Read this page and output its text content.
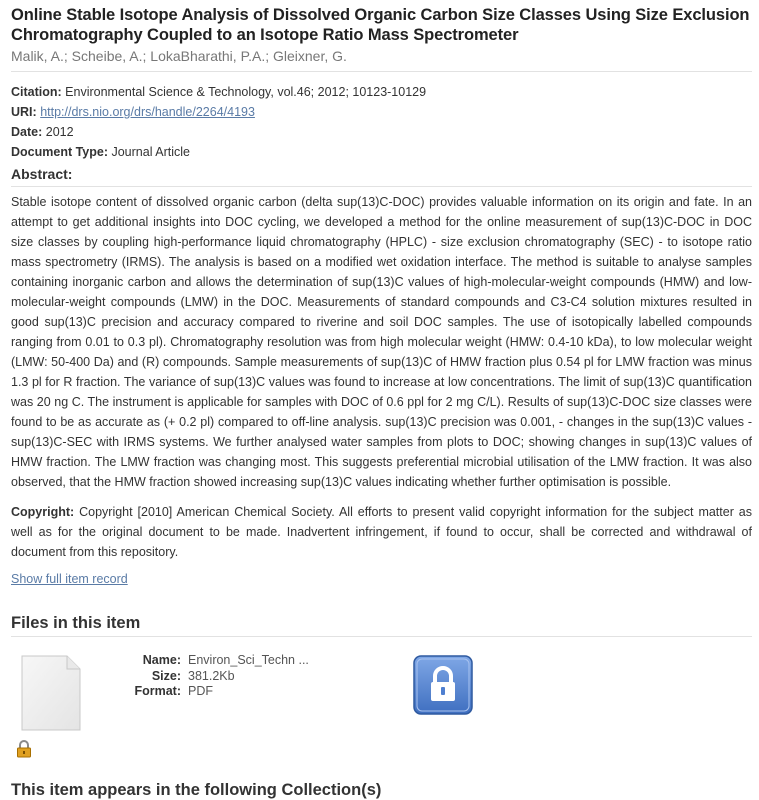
Online Stable Isotope Analysis of Dissolved Organic Carbon Size Classes Using Size Exclusion Chromatography Coupled to an Isotope Ratio Mass Spectrometer
Malik, A.; Scheibe, A.; LokaBharathi, P.A.; Gleixner, G.
Citation: Environmental Science & Technology, vol.46; 2012; 10123-10129
URI: http://drs.nio.org/drs/handle/2264/4193
Date: 2012
Document Type: Journal Article
Abstract:
Stable isotope content of dissolved organic carbon (delta sup(13)C-DOC) provides valuable information on its origin and fate. In an attempt to get additional insights into DOC cycling, we developed a method for the online measurement of sup(13)C-DOC in DOC size classes by coupling high-performance liquid chromatography (HPLC) - size exclusion chromatography (SEC) - to isotope ratio mass spectrometry (IRMS). The analysis is based on a modified wet oxidation interface. The method is suitable to analyse samples containing inorganic carbon and allows the determination of sup(13)C values of high-molecular-weight compounds (HMW) and low-molecular-weight compounds (LMW) in the DOC. Measurements of standard compounds and C3-C4 solution mixtures resulted in good sup(13)C precision and accuracy compared to riverine and soil DOC samples. The use of isotopically labelled compounds ranging from 0.01 to 0.3 pl). Chromatography resolution was from high molecular weight (HMW: 0.4-10 kDa), to low molecular weight (LMW: 50-400 Da) and (R) compounds. Sample measurements of sup(13)C of HMW fraction plus 0.54 pl for LMW fraction was minus 1.3 pl for R fraction. The variance of sup(13)C values was found to increase at low concentrations. The limit of sup(13)C quantification was 20 ng C. The instrument is applicable for samples with DOC of 0.6 ppl for 2 mg C/L). Results of sup(13)C-DOC size classes were found to be as accurate as (+ 0.2 pl) compared to off-line analysis. sup(13)C precision was 0.001, - changes in the sup(13)C values - sup(13)C-SEC with IRMS systems. We further analysed water samples from plots to DOC; showing changes in sup(13)C values of HMW fraction. The LMW fraction was changing most. This suggests preferential microbial utilisation of the LMW fraction. It was also observed, that the HMW fraction showed increasing sup(13)C values indicating whether further optimisation is possible.
Copyright: Copyright [2010] American Chemical Society. All efforts to present valid copyright information for the subject matter as well as for the original document to be made. Inadvertent infringement, if found to occur, shall be corrected and withdrawal of document from this repository.
Show full item record
Files in this item
Name: Environ_Sci_Techn ...
Size: 381.2Kb
Format: PDF
This item appears in the following Collection(s)
